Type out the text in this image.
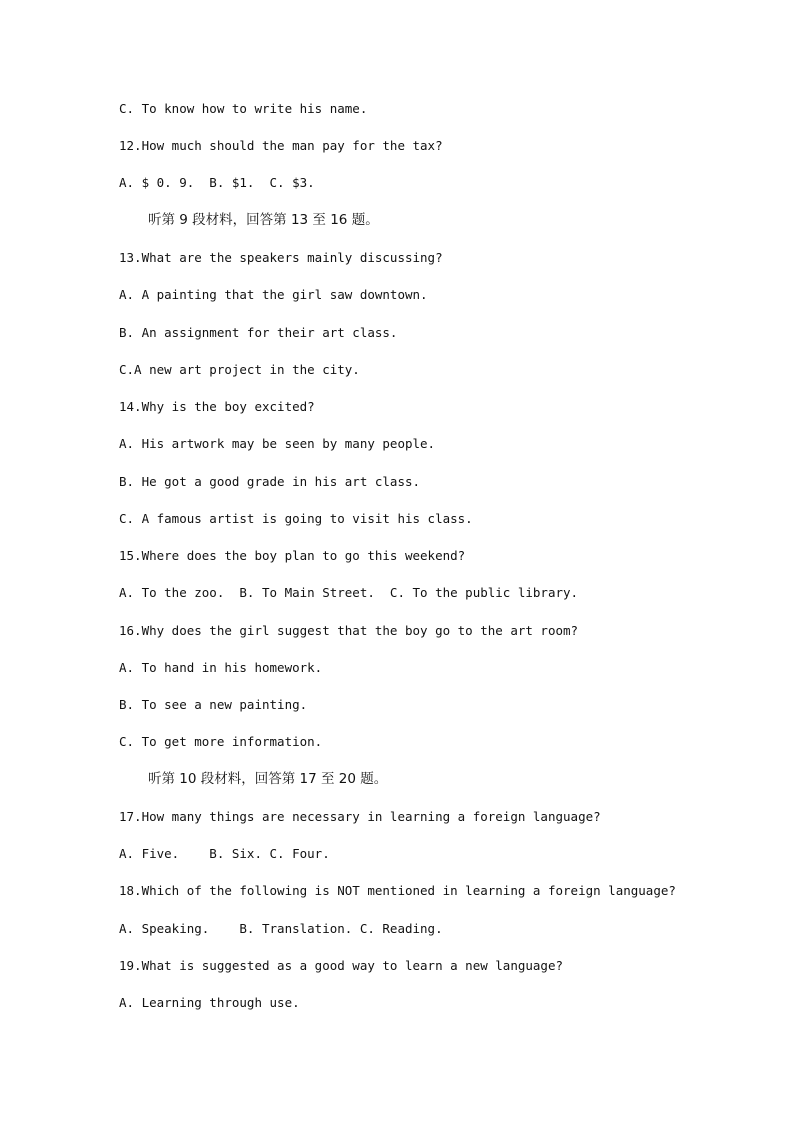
C. To know how to write his name.
12.How much should the man pay for the tax?
A. $ 0. 9.  B. $1.  C. $3.
听第 9 段材料，回答第 13 至 16 题。
13.What are the speakers mainly discussing?
A. A painting that the girl saw downtown.
B. An assignment for their art class.
C.A new art project in the city.
14.Why is the boy excited?
A. His artwork may be seen by many people.
B. He got a good grade in his art class.
C. A famous artist is going to visit his class.
15.Where does the boy plan to go this weekend?
A. To the zoo.  B. To Main Street.  C. To the public library.
16.Why does the girl suggest that the boy go to the art room?
A. To hand in his homework.
B. To see a new painting.
C. To get more information.
听第 10 段材料，回答第 17 至 20 题。
17.How many things are necessary in learning a foreign language?
A. Five.    B. Six. C. Four.
18.Which of the following is NOT mentioned in learning a foreign language?
A. Speaking.    B. Translation. C. Reading.
19.What is suggested as a good way to learn a new language?
A. Learning through use.
